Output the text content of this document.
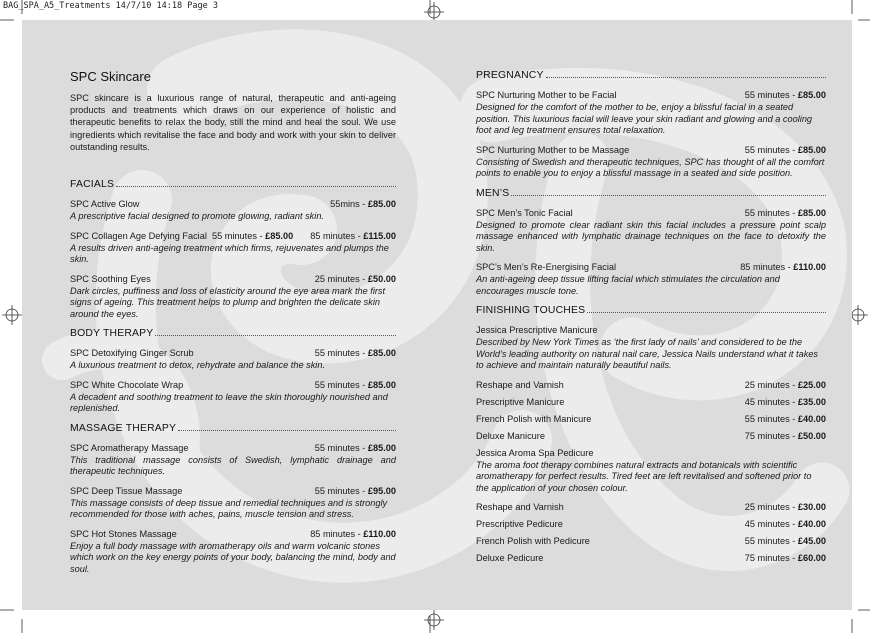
BAG_SPA_A5_Treatments 14/7/10 14:18 Page 3
SPC Skincare

SPC skincare is a luxurious range of natural, therapeutic and anti-ageing products and treatments which draws on our experience of holistic and therapeutic benefits to relax the body, still the mind and heal the soul. We use ingredients which revitalise the face and body and work with your skin to deliver outstanding results.

FACIALS
SPC Active Glow	55mins - £85.00
A prescriptive facial designed to promote glowing, radiant skin.
SPC Collagen Age Defying Facial 55 minutes - £85.00 85 minutes - £115.00
A results driven anti-ageing treatment which firms, rejuvenates and plumps the skin.
SPC Soothing Eyes	25 minutes - £50.00
Dark circles, puffiness and loss of elasticity around the eye area mark the first signs of ageing. This treatment helps to plump and brighten the delicate skin around the eyes.
BODY THERAPY
SPC Detoxifying Ginger Scrub	55 minutes - £85.00
A luxurious treatment to detox, rehydrate and balance the skin.
SPC White Chocolate Wrap	55 minutes - £85.00
A decadent and soothing treatment to leave the skin thoroughly nourished and replenished.
MASSAGE THERAPY
SPC Aromatherapy Massage	55 minutes - £85.00
This traditional massage consists of Swedish, lymphatic drainage and therapeutic techniques.
SPC Deep Tissue Massage	55 minutes - £95.00
This massage consists of deep tissue and remedial techniques and is strongly recommended for those with aches, pains, muscle tension and stress.
SPC Hot Stones Massage	85 minutes - £110.00
Enjoy a full body massage with aromatherapy oils and warm volcanic stones which work on the key energy points of your body, balancing the mind, body and soul.
PREGNANCY
SPC Nurturing Mother to be Facial	55 minutes - £85.00
Designed for the comfort of the mother to be, enjoy a blissful facial in a seated position. This luxurious facial will leave your skin radiant and glowing and a cooling foot and leg treatment ensures total relaxation.
SPC Nurturing Mother to be Massage	55 minutes - £85.00
Consisting of Swedish and therapeutic techniques, SPC has thought of all the comfort points to enable you to enjoy a blissful massage in a seated and side position.
MEN’S
SPC Men’s Tonic Facial	55 minutes - £85.00
Designed to promote clear radiant skin this facial includes a pressure point scalp massage enhanced with lymphatic drainage techniques on the face to detoxify the skin.
SPC’s Men’s Re-Energising Facial	85 minutes - £110.00
An anti-ageing deep tissue lifting facial which stimulates the circulation and encourages muscle tone.
FINISHING TOUCHES
Jessica Prescriptive Manicure
Described by New York Times as ‘the first lady of nails’ and considered to be the World’s leading authority on natural nail care, Jessica Nails understand what it takes to achieve and maintain naturally beautiful nails.
Reshape and Varnish	25 minutes - £25.00
Prescriptive Manicure	45 minutes - £35.00
French Polish with Manicure	55 minutes - £40.00
Deluxe Manicure	75 minutes - £50.00
Jessica Aroma Spa Pedicure
The aroma foot therapy combines natural extracts and botanicals with scientific aromatherapy for perfect results. Tired feet are left revitalised and softened prior to the application of your chosen colour.
Reshape and Varnish	25 minutes - £30.00
Prescriptive Pedicure	45 minutes - £40.00
French Polish with Pedicure	55 minutes - £45.00
Deluxe Pedicure	75 minutes - £60.00
